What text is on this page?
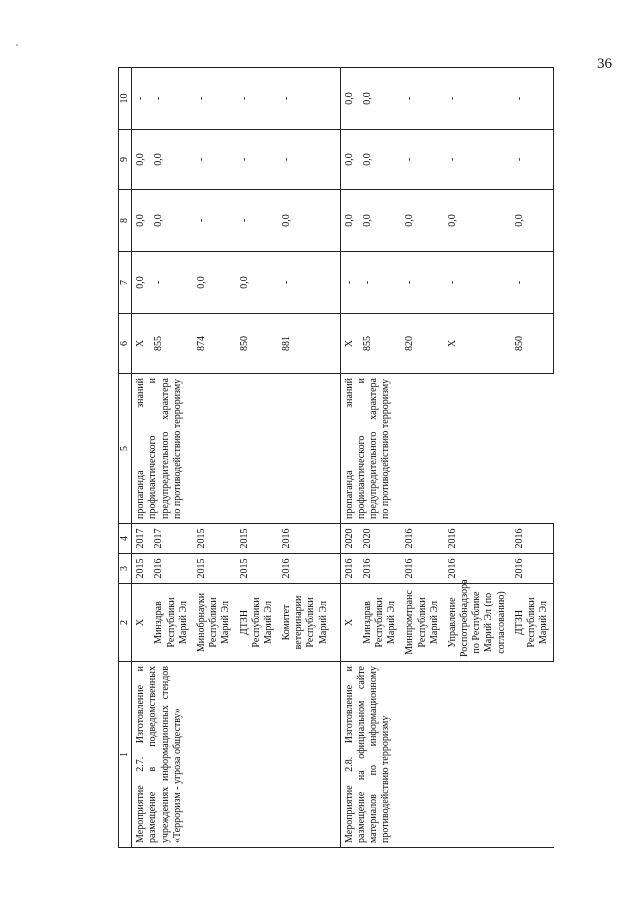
36
1	2	3	4	5	6	7	8	9	10
Мероприятие 2.7. Изготовление и размещение в подведомственных учреждениях информационных стендов «Терроризм - угроза обществу»	X	2015	2017	пропаганда знаний профилактического и предупредительного характера по противодействию терроризму	X	0,0	0,0	0,0	-
	Минздрав Республики Марий Эл	2016	2017		855	-	0,0	0,0	-
	Минобрнауки Республики Марий Эл	2015	2015		874	0,0	-	-	-
	ДТЗН Республики Марий Эл	2015	2015		850	0,0	-	-	-
	Комитет ветеринарии Республики Марий Эл	2016	2016		881	-	0,0	-	-
Мероприятие 2.8. Изготовление и размещение на официальном сайте материалов по информационному противодействию терроризму	X	2016	2020	пропаганда знаний профилактического и предупредительного характера по противодействию терроризму	X	-	0,0	0,0	0,0
	Минздрав Республики Марий Эл	2016	2020		855	-	0,0	0,0	0,0
	Минпромтранс Республики Марий Эл	2016	2016		820	-	0,0	-	-
	Управление Роспотребнадзора по Республике Марий Эл (по согласованию)	2016	2016		X	-	0,0	-	-
	ДТЗН Республики Марий Эл	2016	2016		850	-	0,0	-	-
